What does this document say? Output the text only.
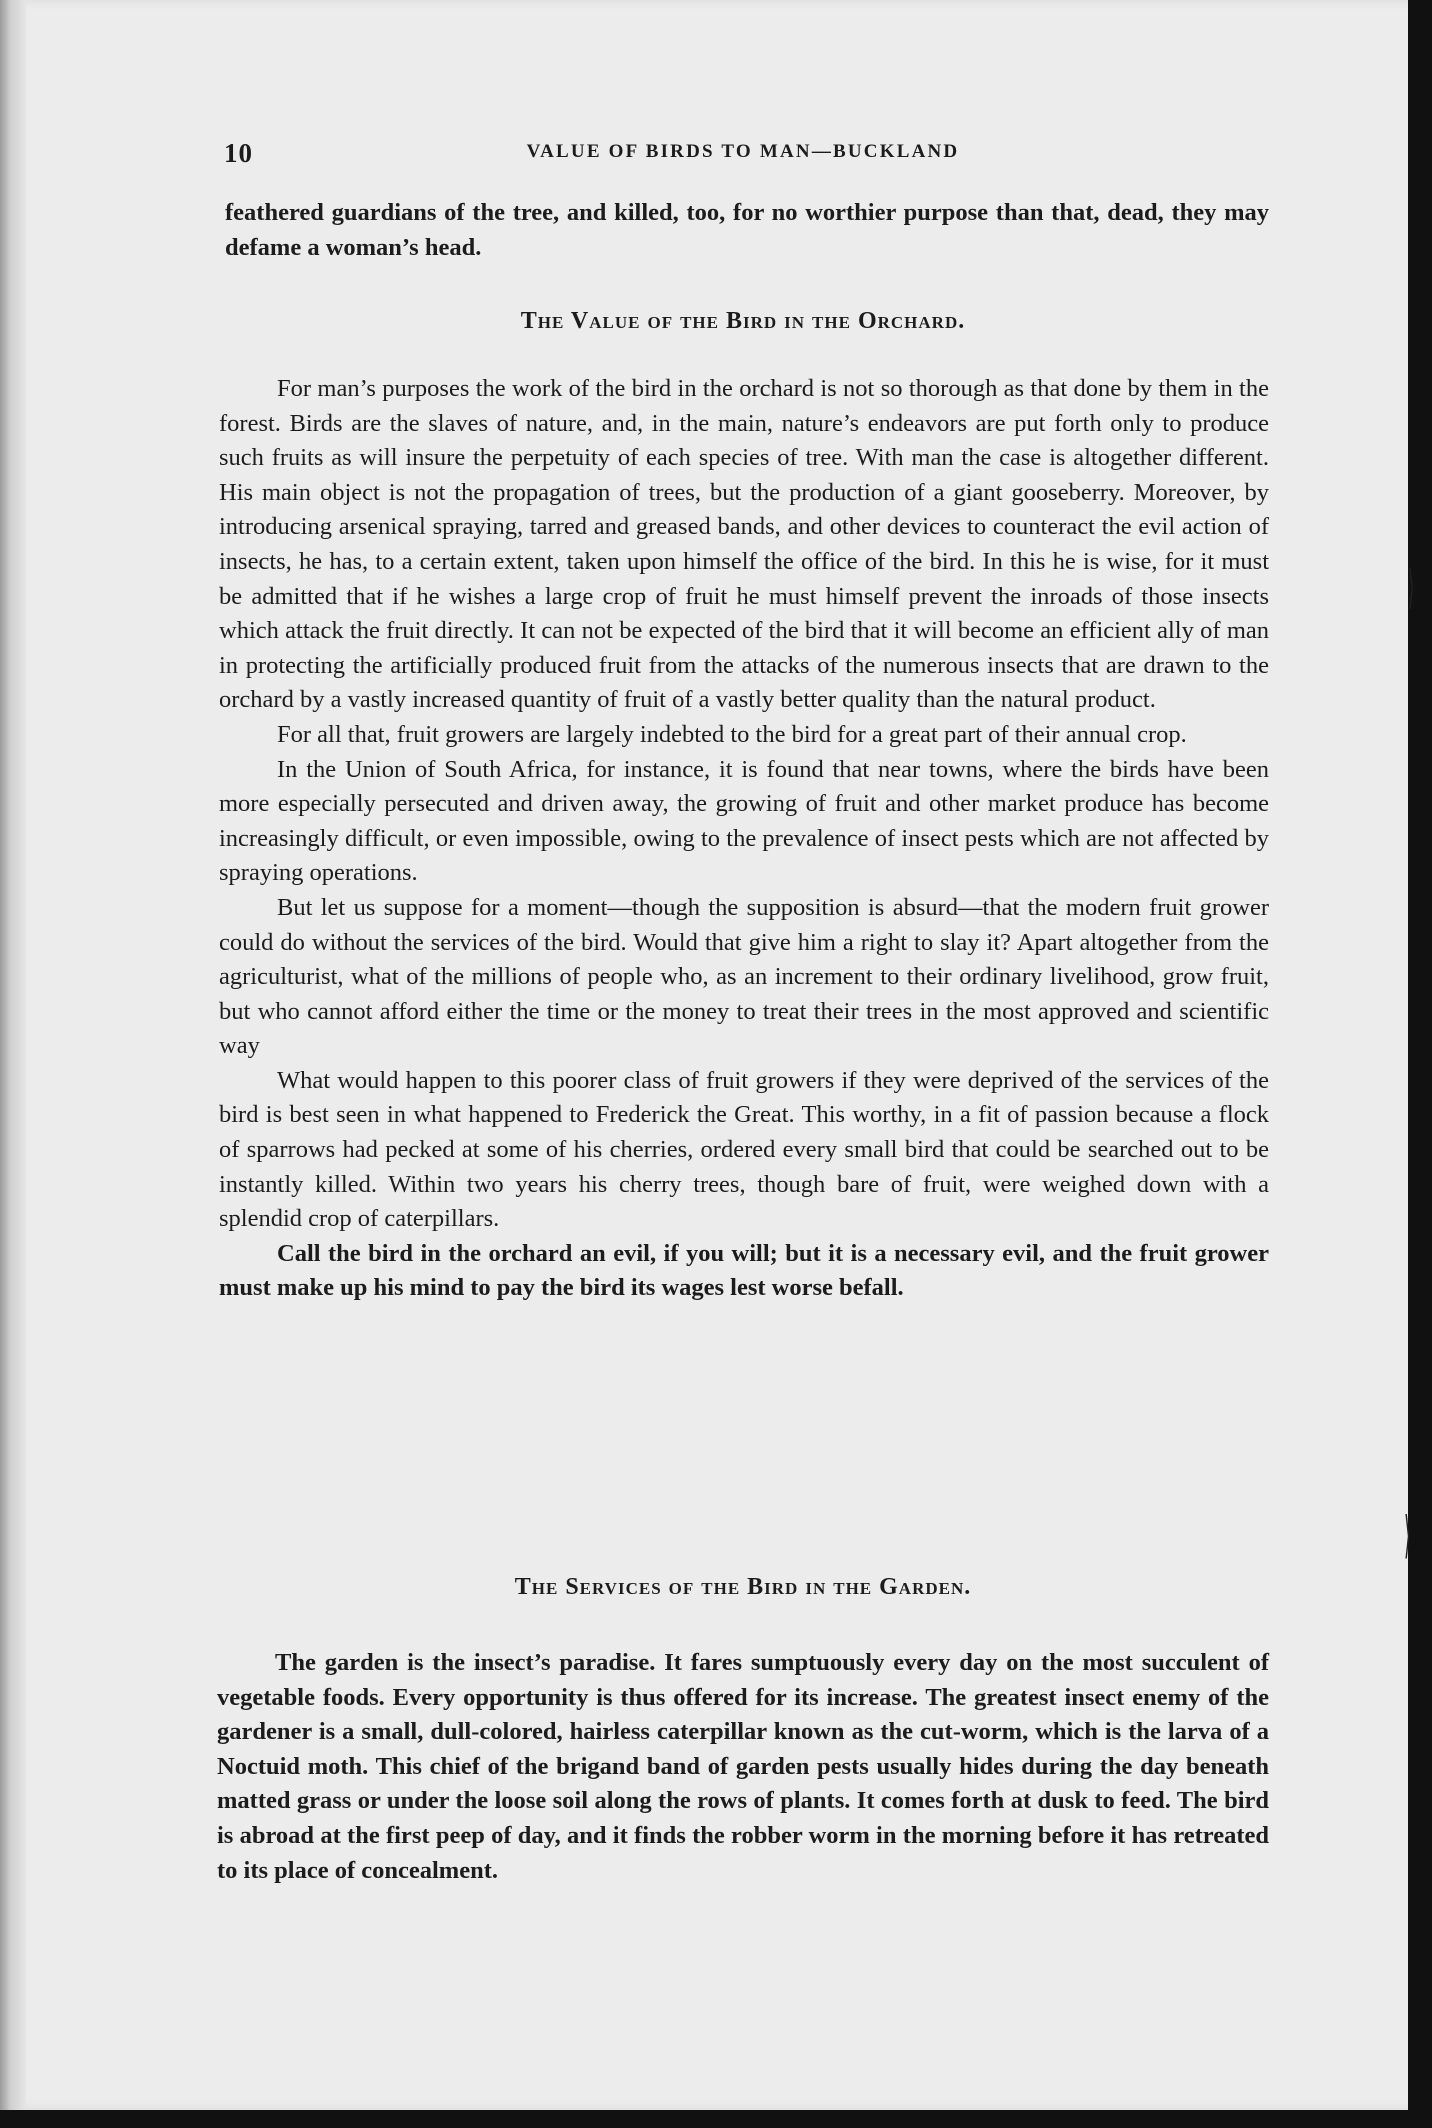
⟩
⟩
10	VALUE OF BIRDS TO MAN—BUCKLAND

feathered guardians of the tree, and killed, too, for no worthier purpose than that, dead, they may defame a woman’s head.

The Value of the Bird in the Orchard.

For man’s purposes the work of the bird in the orchard is not so thorough as that done by them in the forest. Birds are the slaves of nature, and, in the main, nature’s endeavors are put forth only to produce such fruits as will insure the perpetuity of each species of tree. With man the case is altogether different. His main object is not the propagation of trees, but the production of a giant gooseberry. Moreover, by introducing arsenical spraying, tarred and greased bands, and other devices to counteract the evil action of insects, he has, to a certain extent, taken upon himself the office of the bird. In this he is wise, for it must be admitted that if he wishes a large crop of fruit he must himself prevent the inroads of those insects which attack the fruit directly. It can not be expected of the bird that it will become an efficient ally of man in protecting the artificially produced fruit from the attacks of the numerous insects that are drawn to the orchard by a vastly increased quantity of fruit of a vastly better quality than the natural product.

For all that, fruit growers are largely indebted to the bird for a great part of their annual crop.

In the Union of South Africa, for instance, it is found that near towns, where the birds have been more especially persecuted and driven away, the growing of fruit and other market produce has become increasingly difficult, or even impossible, owing to the prevalence of insect pests which are not affected by spraying operations.

But let us suppose for a moment—though the supposition is absurd—that the modern fruit grower could do without the services of the bird. Would that give him a right to slay it? Apart altogether from the agriculturist, what of the millions of people who, as an increment to their ordinary livelihood, grow fruit, but who cannot afford either the time or the money to treat their trees in the most approved and scientific way

What would happen to this poorer class of fruit growers if they were deprived of the services of the bird is best seen in what happened to Frederick the Great. This worthy, in a fit of passion because a flock of sparrows had pecked at some of his cherries, ordered every small bird that could be searched out to be instantly killed. Within two years his cherry trees, though bare of fruit, were weighed down with a splendid crop of caterpillars.

Call the bird in the orchard an evil, if you will; but it is a necessary evil, and the fruit grower must make up his mind to pay the bird its wages lest worse befall.

The Services of the Bird in the Garden.

The garden is the insect’s paradise. It fares sumptuously every day on the most succulent of vegetable foods. Every opportunity is thus offered for its increase. The greatest insect enemy of the gardener is a small, dull-colored, hairless caterpillar known as the cut-worm, which is the larva of a Noctuid moth. This chief of the brigand band of garden pests usually hides during the day beneath matted grass or under the loose soil along the rows of plants. It comes forth at dusk to feed. The bird is abroad at the first peep of day, and it finds the robber worm in the morning before it has retreated to its place of concealment.
